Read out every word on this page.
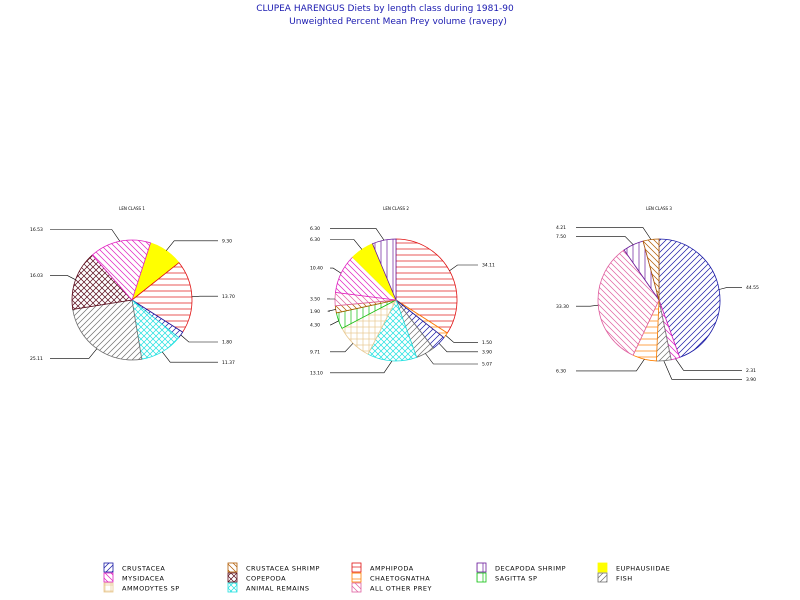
CLUPEA HARENGUS Diets by length class during 1981-90
Unweighted Percent Mean Prey volume (ravepy)
LEN CLASS 1
9.30
13.70
1.80
11.37
16.53
16.03
25.11
LEN CLASS 2
34.11
1.50
3.90
5.07
6.30
6.30
10.40
3.50
1.90
4.30
9.71
13.10
LEN CLASS 3
44.55
2.31
3.90
4.21
7.50
33.30
6.30
CRUSTACEA	CRUSTACEA SHRIMP	AMPHIPODA	DECAPODA SHRIMP	EUPHAUSIIDAE
MYSIDACEA	COPEPODA	CHAETOGNATHA	SAGITTA SP	FISH
AMMODYTES SP	ANIMAL REMAINS	ALL OTHER PREY
